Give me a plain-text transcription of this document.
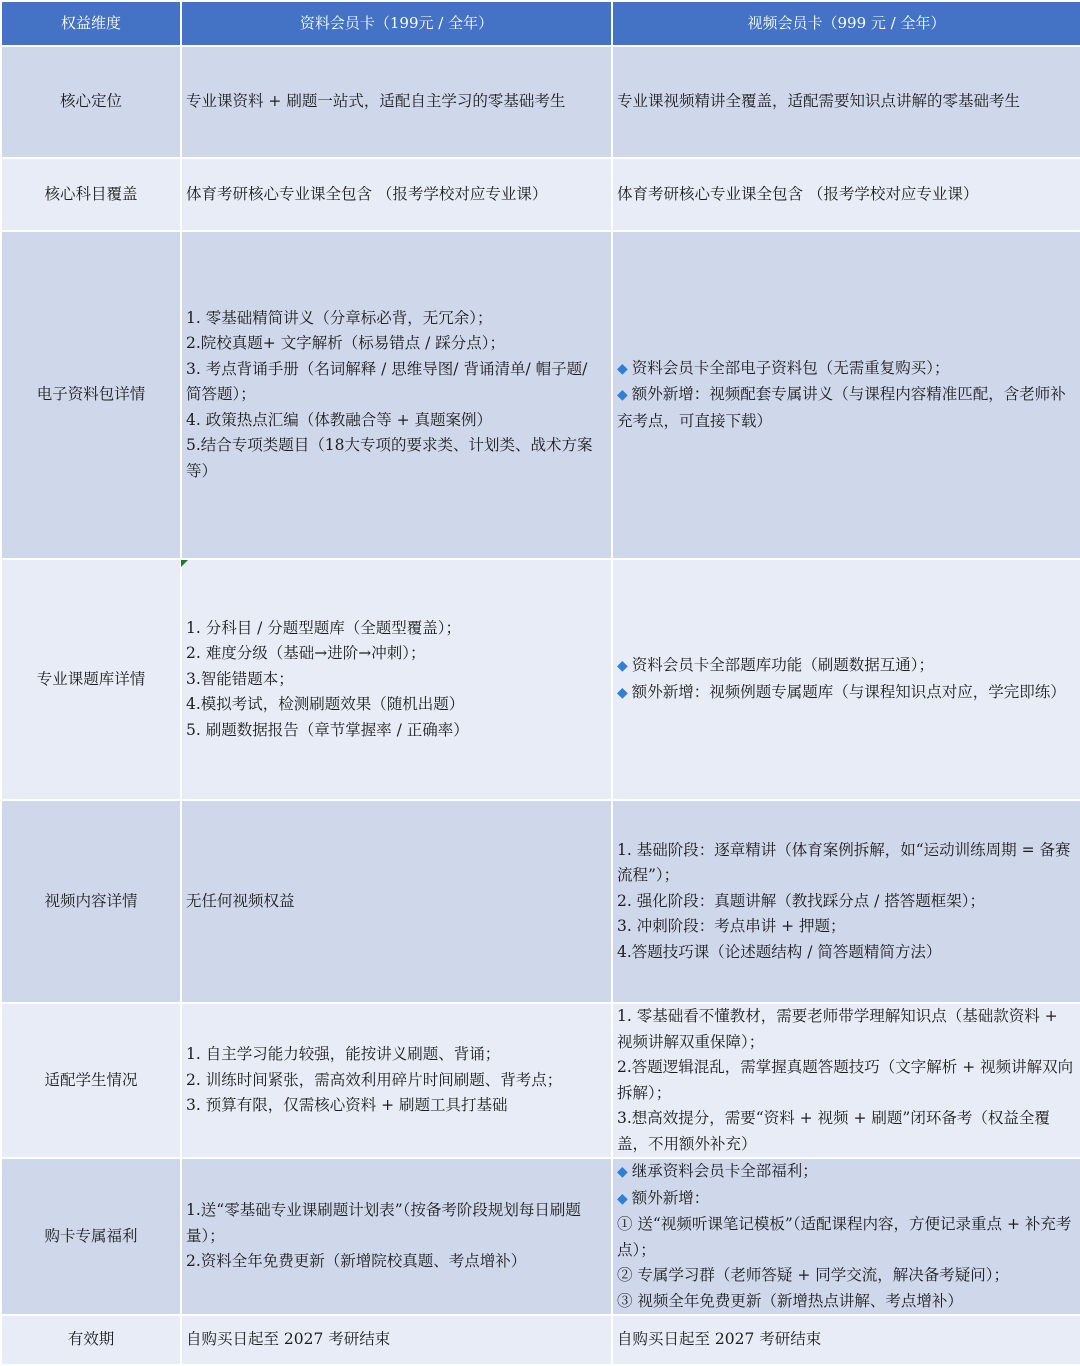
权益维度	资料会员卡（199元 / 全年）	视频会员卡（999 元 / 全年）
核心定位	专业课资料 + 刷题一站式，适配自主学习的零基础考生	专业课视频精讲全覆盖，适配需要知识点讲解的零基础考生

核心科目覆盖	体育考研核心专业课全包含 （报考学校对应专业课）	体育考研核心专业课全包含 （报考学校对应专业课）

电子资料包详情	1. 零基础精简讲义（分章标必背，无冗余）；
2.院校真题+ 文字解析（标易错点 / 踩分点）；
3. 考点背诵手册（名词解释 / 思维导图/ 背诵清单/ 帽子题/ 简答题）；
4. 政策热点汇编（体教融合等 + 真题案例）
5.结合专项类题目（18大专项的要求类、计划类、战术方案等）	◆ 资料会员卡全部电子资料包（无需重复购买）；
◆ 额外新增：视频配套专属讲义（与课程内容精准匹配，含老师补充考点，可直接下载）

专业课题库详情	1. 分科目 / 分题型题库（全题型覆盖）；
2. 难度分级（基础→进阶→冲刺）；
3.智能错题本；
4.模拟考试，检测刷题效果（随机出题）
5. 刷题数据报告（章节掌握率 / 正确率）	◆ 资料会员卡全部题库功能（刷题数据互通）；
◆ 额外新增：视频例题专属题库（与课程知识点对应，学完即练）

视频内容详情	无任何视频权益	1. 基础阶段：逐章精讲（体育案例拆解，如“运动训练周期 = 备赛流程”）；
2. 强化阶段：真题讲解（教找踩分点 / 搭答题框架）；
3. 冲刺阶段：考点串讲 + 押题；
4.答题技巧课（论述题结构 / 简答题精简方法）

适配学生情况	1. 自主学习能力较强，能按讲义刷题、背诵；
2. 训练时间紧张，需高效利用碎片时间刷题、背考点；
3. 预算有限，仅需核心资料 + 刷题工具打基础	1. 零基础看不懂教材，需要老师带学理解知识点（基础款资料 + 视频讲解双重保障）；
2.答题逻辑混乱，需掌握真题答题技巧（文字解析 + 视频讲解双向拆解）；
3.想高效提分，需要“资料 + 视频 + 刷题”闭环备考（权益全覆盖，不用额外补充）

购卡专属福利	1.送“零基础专业课刷题计划表”（按备考阶段规划每日刷题量）；
2.资料全年免费更新（新增院校真题、考点增补）	◆ 继承资料会员卡全部福利；
◆ 额外新增：
① 送“视频听课笔记模板”（适配课程内容，方便记录重点 + 补充考点）；
② 专属学习群（老师答疑 + 同学交流，解决备考疑问）；
③ 视频全年免费更新（新增热点讲解、考点增补）

有效期	自购买日起至 2027 考研结束	自购买日起至 2027 考研结束
